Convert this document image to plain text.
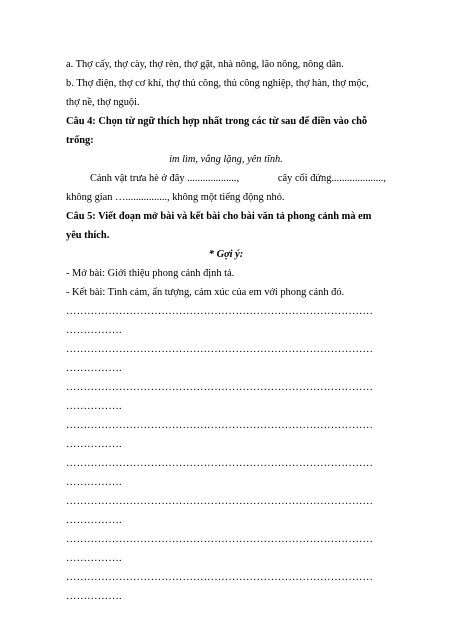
a. Thợ cấy, thợ cày, thợ rèn, thợ gặt, nhà nông, lão nông, nông dân.
b. Thợ điện, thợ cơ khí, thợ thủ công, thủ công nghiệp, thợ hàn, thợ mộc,
thợ nề, thợ nguội.
Câu 4: Chọn từ ngữ thích hợp nhất trong các từ sau để điền vào chỗ
trống:
im lìm, vắng lặng, yên tĩnh.
Cảnh vật trưa hè ở đây ...................,	cây cối đứng....................,
không gian …................, không một tiếng động nhỏ.
Câu 5: Viết đoạn mở bài và kết bài cho bài văn tả phong cảnh mà em
yêu thích.
* Gợi ý:
- Mở bài: Giới thiệu phong cảnh định tả.
- Kết bài: Tình cảm, ấn tượng, cảm xúc của em với phong cảnh đó.
……………………………………………………………………………
…………….
……………………………………………………………………………
…………….
……………………………………………………………………………
…………….
……………………………………………………………………………
…………….
……………………………………………………………………………
…………….
……………………………………………………………………………
…………….
……………………………………………………………………………
…………….
……………………………………………………………………………
…………….
